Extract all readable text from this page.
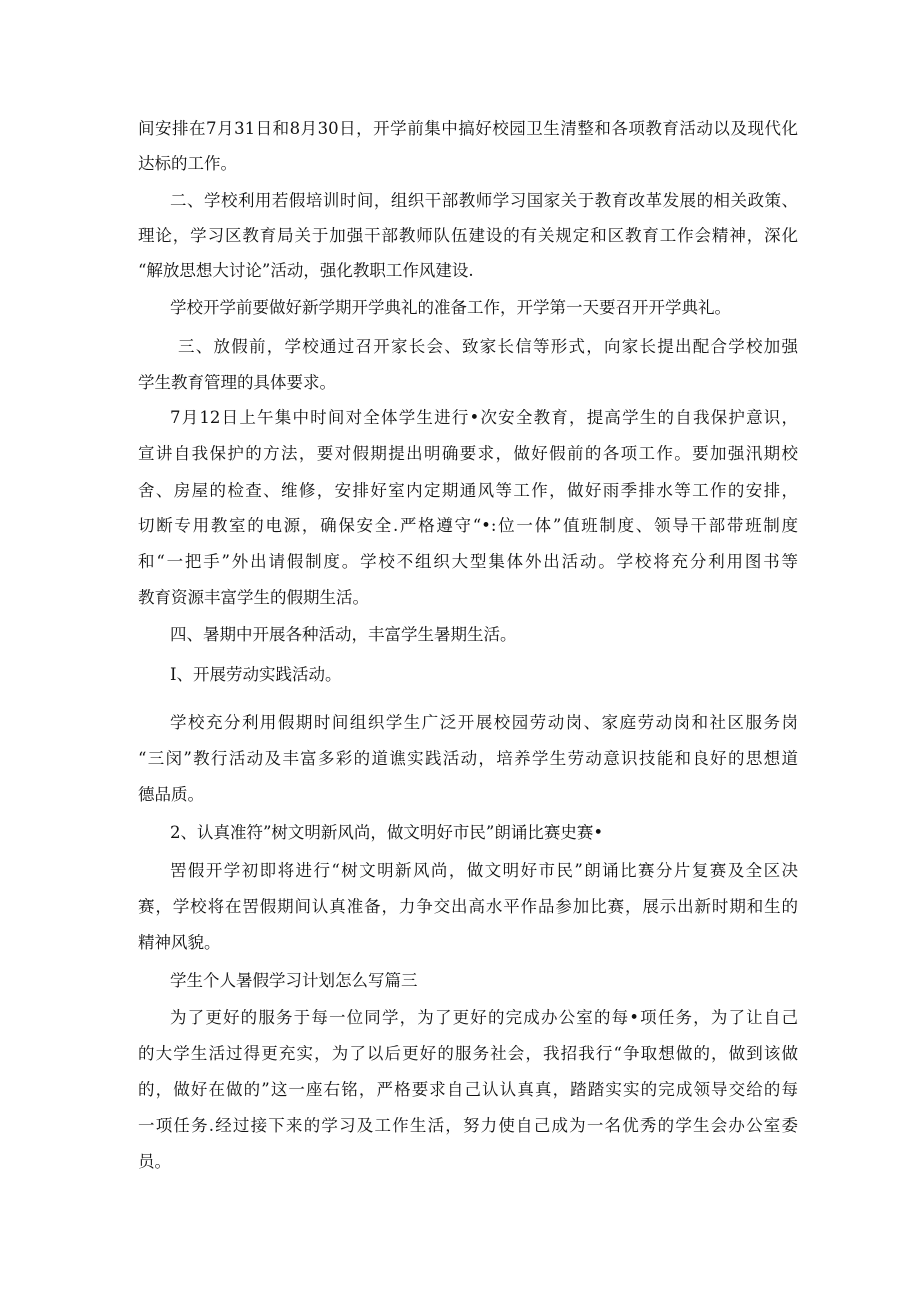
间安排在7月31日和8月30日，开学前集中搞好校园卫生清整和各项教育活动以及现代化

达标的工作。

二、学校利用若假培训时间，组织干部教师学习国家关于教育改革发展的相关政策、

理论，学习区教育局关于加强干部教师队伍建设的有关规定和区教育工作会精神，深化

“解放思想大讨论”活动，强化教职工作风建设.

学校开学前要做好新学期开学典礼的准备工作，开学第一天要召开开学典礼。

三、放假前，学校通过召开家长会、致家长信等形式，向家长提出配合学校加强

学生教育管理的具体要求。

7月12日上午集中时间对全体学生进行•次安全教育，提高学生的自我保护意识，

宣讲自我保护的方法，要对假期提出明确要求，做好假前的各项工作。要加强汛期校

舍、房屋的检查、维修，安排好室内定期通风等工作，做好雨季排水等工作的安排，

切断专用教室的电源，确保安全.严格遵守“•:位一体”值班制度、领导干部带班制度

和“一把手”外出请假制度。学校不组织大型集体外出活动。学校将充分利用图书等

教育资源丰富学生的假期生活。

四、暑期中开展各种活动，丰富学生暑期生活。

I、开展劳动实践活动。

学校充分利用假期时间组织学生广泛开展校园劳动岗、家庭劳动岗和社区服务岗

“三闵”教行活动及丰富多彩的道谯实践活动，培养学生劳动意识技能和良好的思想道

德品质。

2、认真准符”树文明新风尚，做文明好市民”朗诵比赛史赛•

罟假开学初即将进行“树文明新风尚，做文明好市民”朗诵比赛分片复赛及全区决

赛，学校将在罟假期间认真准备，力争交出高水平作品参加比赛，展示出新时期和生的

精神风貌。

学生个人暑假学习计划怎么写篇三

为了更好的服务于每一位同学，为了更好的完成办公室的每•项任务，为了让自己

的大学生活过得更充实，为了以后更好的服务社会，我招我行“争取想做的，做到该做

的，做好在做的”这一座右铭，严格要求自己认认真真，踏踏实实的完成领导交给的每

一项任务.经过接下来的学习及工作生活，努力使自己成为一名优秀的学生会办公室委

员。
